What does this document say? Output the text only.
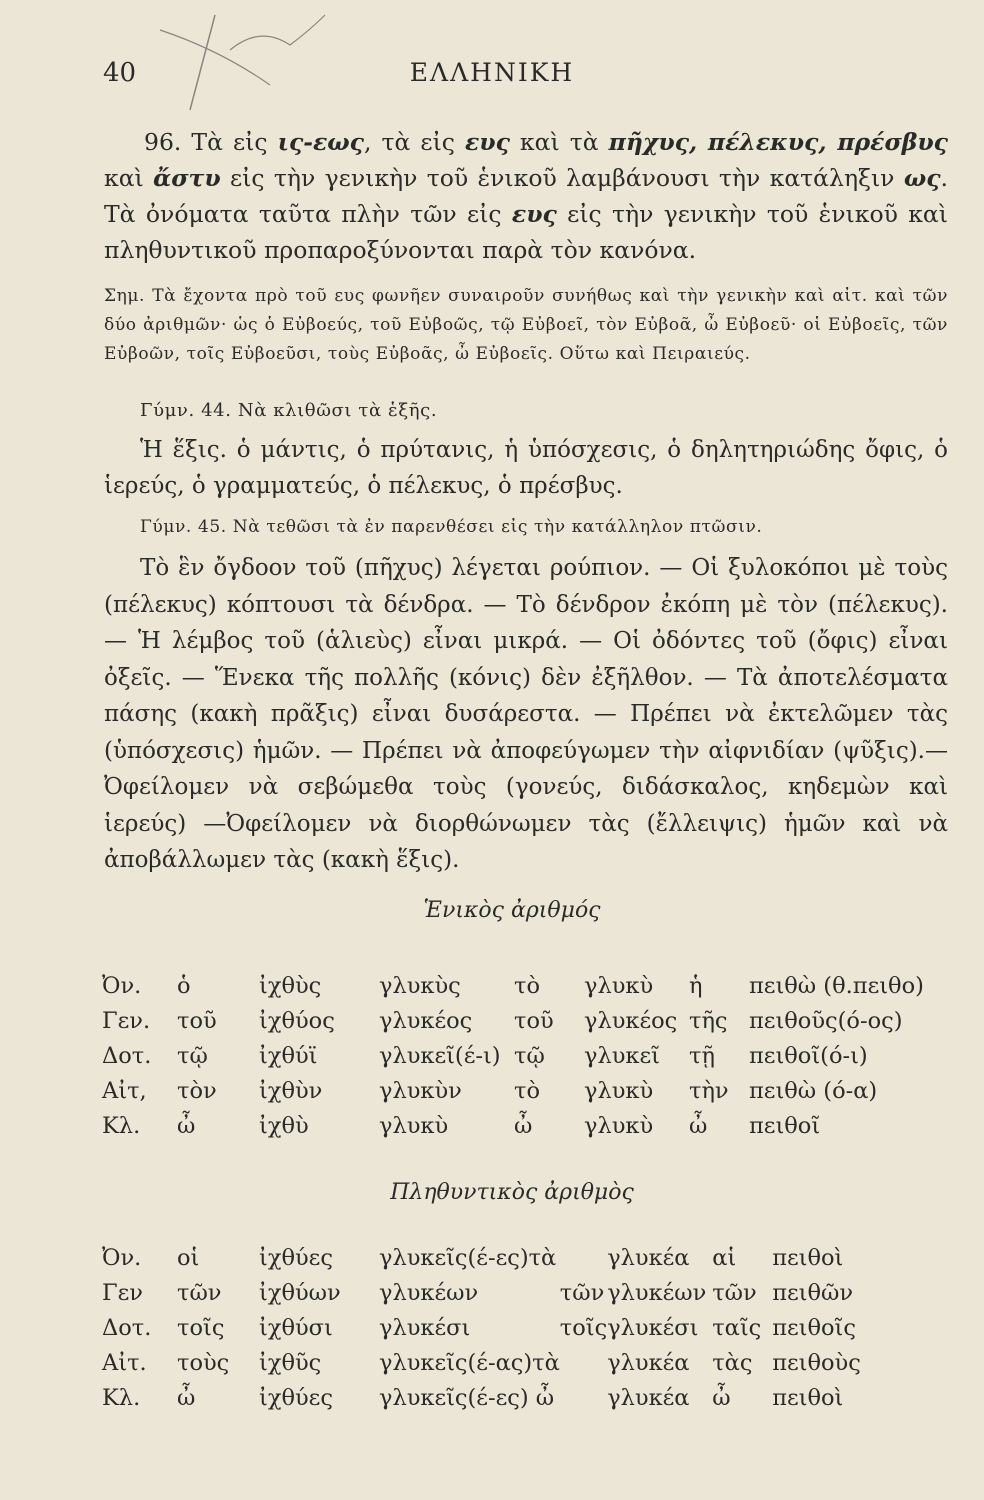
40	ΕΛΛΗΝΙΚΗ
96. Τὰ εἰς ις-εως, τὰ εἰς ευς καὶ τὰ πῆχυς, πέλεκυς, πρέσβυς καὶ ἄστυ εἰς τὴν γενικὴν τοῦ ἑνικοῦ λαμβάνουσι τὴν κατάληξιν ως. Τὰ ὀνόματα ταῦτα πλὴν τῶν εἰς ευς εἰς τὴν γενικὴν τοῦ ἑνικοῦ καὶ πληθυντικοῦ προπαροξύνονται παρὰ τὸν κανόνα.
Σημ. Τὰ ἔχοντα πρὸ τοῦ ευς φωνῆεν συναιροῦν συνήθως καὶ τὴν γενικὴν καὶ αἰτ. καὶ τῶν δύο ἀριθμῶν· ὡς ὁ Εὐβοεύς, τοῦ Εὐβοῶς, τῷ Εὐβοεῖ, τὸν Εὐβοᾶ, ὦ Εὐβοεῦ· οἱ Εὐβοεῖς, τῶν Εὐβοῶν, τοῖς Εὐβοεῦσι, τοὺς Εὐβοᾶς, ὦ Εὐβοεῖς. Οὕτω καὶ Πειραιεύς.
Γύμν. 44. Νὰ κλιθῶσι τὰ ἑξῆς.
Ἡ ἕξις. ὁ μάντις, ὁ πρύτανις, ἡ ὑπόσχεσις, ὁ δηλητηριώδης ὄφις, ὁ ἱερεύς, ὁ γραμματεύς, ὁ πέλεκυς, ὁ πρέσβυς.
Γύμν. 45. Νὰ τεθῶσι τὰ ἐν παρενθέσει εἰς τὴν κατάλληλον πτῶσιν.
Τὸ ἓν ὄγδοον τοῦ (πῆχυς) λέγεται ρούπιον. — Οἱ ξυλοκόποι μὲ τοὺς (πέλεκυς) κόπτουσι τὰ δένδρα. — Τὸ δένδρον ἐκόπη μὲ τὸν (πέλεκυς). — Ἡ λέμβος τοῦ (ἁλιεὺς) εἶναι μικρά. — Οἱ ὀδόντες τοῦ (ὄφις) εἶναι ὀξεῖς. — Ἕνεκα τῆς πολλῆς (κόνις) δὲν ἐξῆλθον. — Τὰ ἀποτελέσματα πάσης (κακὴ πρᾶξις) εἶναι δυσάρεστα. — Πρέπει νὰ ἐκτελῶμεν τὰς (ὑπόσχεσις) ἡμῶν. — Πρέπει νὰ ἀποφεύγωμεν τὴν αἰφνιδίαν (ψῦξις).— Ὀφείλομεν νὰ σεβώμεθα τοὺς (γονεύς, διδάσκαλος, κηδεμὼν καὶ ἱερεύς) —Ὀφείλομεν νὰ διορθώνωμεν τὰς (ἔλλειψις) ἡμῶν καὶ νὰ ἀποβάλλωμεν τὰς (κακὴ ἕξις).
Ἑνικὸς ἀριθμός
Ὀν.	ὁ	ἰχθὺς	γλυκὺς	τὸ	γλυκὺ	ἡ	πειθὼ (θ.πειθο)
Γεν.	τοῦ	ἰχθύος	γλυκέος	τοῦ	γλυκέος	τῆς	πειθοῦς(ό-ος)
Δοτ.	τῷ	ἰχθύϊ	γλυκεῖ(έ-ι)	τῷ	γλυκεῖ	τῇ	πειθοῖ(ό-ι)
Αἰτ,	τὸν	ἰχθὺν	γλυκὺν	τὸ	γλυκὺ	τὴν	πειθὼ (ό-α)
Κλ.	ὦ	ἰχθὺ	γλυκὺ	ὦ	γλυκὺ	ὦ	πειθοῖ
Πληθυντικὸς ἀριθμὸς
Ὀν.	οἱ	ἰχθύες	γλυκεῖς(έ-ες)τὰ		γλυκέα	αἱ	πειθοὶ
Γεν	τῶν	ἰχθύων	γλυκέων	τῶν	γλυκέων	τῶν	πειθῶν
Δοτ.	τοῖς	ἰχθύσι	γλυκέσι	τοῖς	γλυκέσι	ταῖς	πειθοῖς
Αἰτ.	τοὺς	ἰχθῦς	γλυκεῖς(έ-ας)τὰ		γλυκέα	τὰς	πειθοὺς
Κλ.	ὦ	ἰχθύες	γλυκεῖς(έ-ες) ὦ		γλυκέα	ὦ	πειθοὶ
